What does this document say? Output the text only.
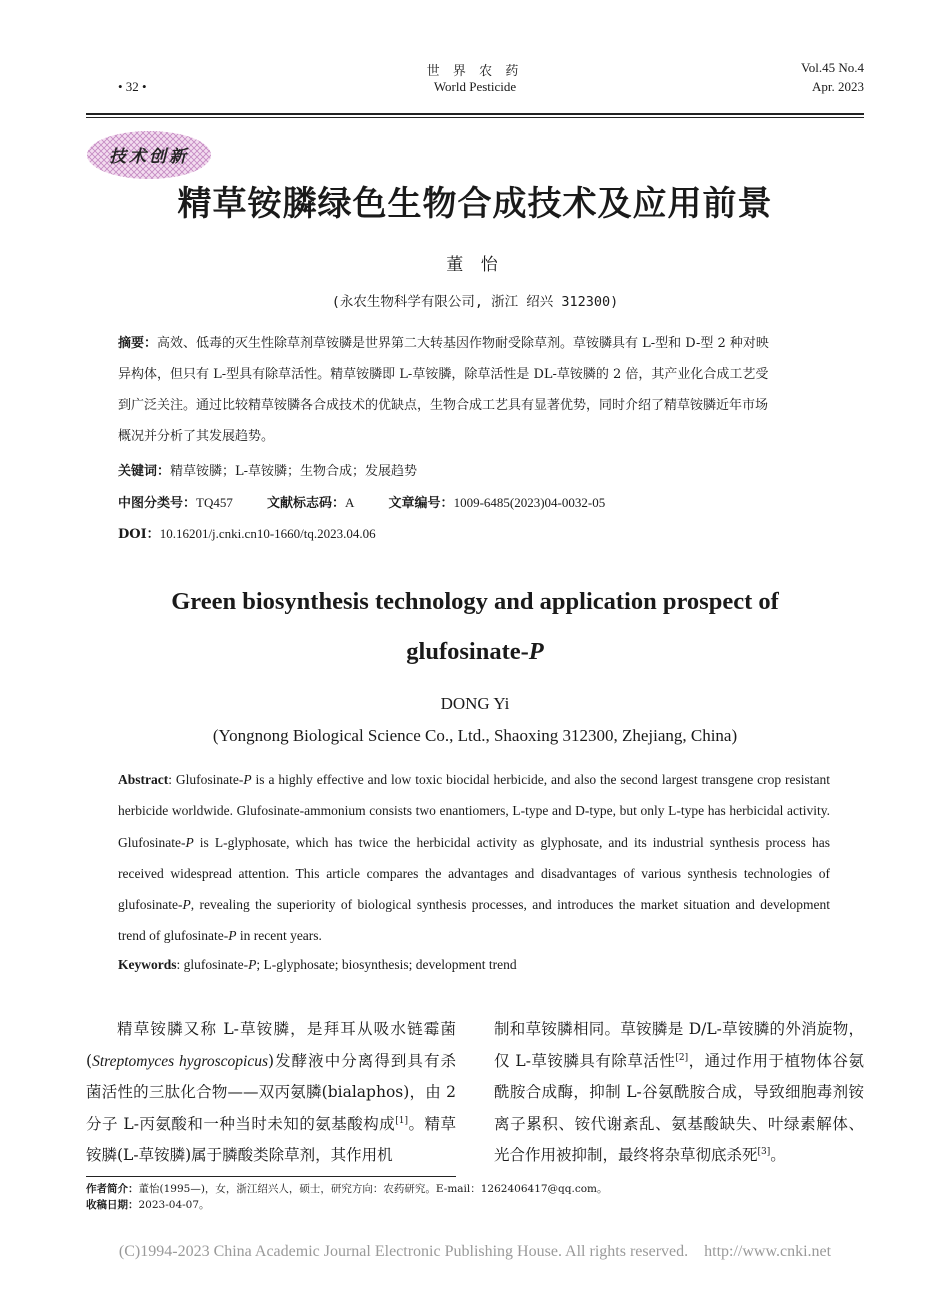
• 32 •
世 界 农 药
World Pesticide
Vol.45 No.4
Apr. 2023
技术创新
精草铵膦绿色生物合成技术及应用前景
董 怡
(永农生物科学有限公司, 浙江 绍兴 312300)
摘要：高效、低毒的灭生性除草剂草铵膦是世界第二大转基因作物耐受除草剂。草铵膦具有 L-型和 D-型 2 种对映
异构体，但只有 L-型具有除草活性。精草铵膦即 L-草铵膦，除草活性是 DL-草铵膦的 2 倍，其产业化合成工艺受
到广泛关注。通过比较精草铵膦各合成技术的优缺点，生物合成工艺具有显著优势，同时介绍了精草铵膦近年市场
概况并分析了其发展趋势。
关键词：精草铵膦；L-草铵膦；生物合成；发展趋势
中图分类号：TQ457	文献标志码：A	文章编号：1009-6485(2023)04-0032-05
DOI：10.16201/j.cnki.cn10-1660/tq.2023.04.06
Green biosynthesis technology and application prospect of
glufosinate-P
DONG Yi
(Yongnong Biological Science Co., Ltd., Shaoxing 312300, Zhejiang, China)
Abstract: Glufosinate-P is a highly effective and low toxic biocidal herbicide, and also the second largest transgene crop resistant herbicide worldwide. Glufosinate-ammonium consists two enantiomers, L-type and D-type, but only L-type has herbicidal activity. Glufosinate-P is L-glyphosate, which has twice the herbicidal activity as glyphosate, and its industrial synthesis process has received widespread attention. This article compares the advantages and disadvantages of various synthesis technologies of glufosinate-P, revealing the superiority of biological synthesis processes, and introduces the market situation and development trend of glufosinate-P in recent years.
Keywords: glufosinate-P; L-glyphosate; biosynthesis; development trend
精草铵膦又称 L-草铵膦，是拜耳从吸水链霉菌(Streptomyces hygroscopicus)发酵液中分离得到具有杀菌活性的三肽化合物——双丙氨膦(bialaphos)，由 2 分子 L-丙氨酸和一种当时未知的氨基酸构成[1]。精草铵膦(L-草铵膦)属于膦酸类除草剂，其作用机
制和草铵膦相同。草铵膦是 D/L-草铵膦的外消旋物，仅 L-草铵膦具有除草活性[2]，通过作用于植物体谷氨酰胺合成酶，抑制 L-谷氨酰胺合成，导致细胞毒剂铵离子累积、铵代谢紊乱、氨基酸缺失、叶绿素解体、光合作用被抑制，最终将杂草彻底杀死[3]。
作者简介：董怡(1995—)，女，浙江绍兴人，硕士，研究方向：农药研究。E-mail：1262406417@qq.com。
收稿日期：2023-04-07。
(C)1994-2023 China Academic Journal Electronic Publishing House. All rights reserved. http://www.cnki.net
